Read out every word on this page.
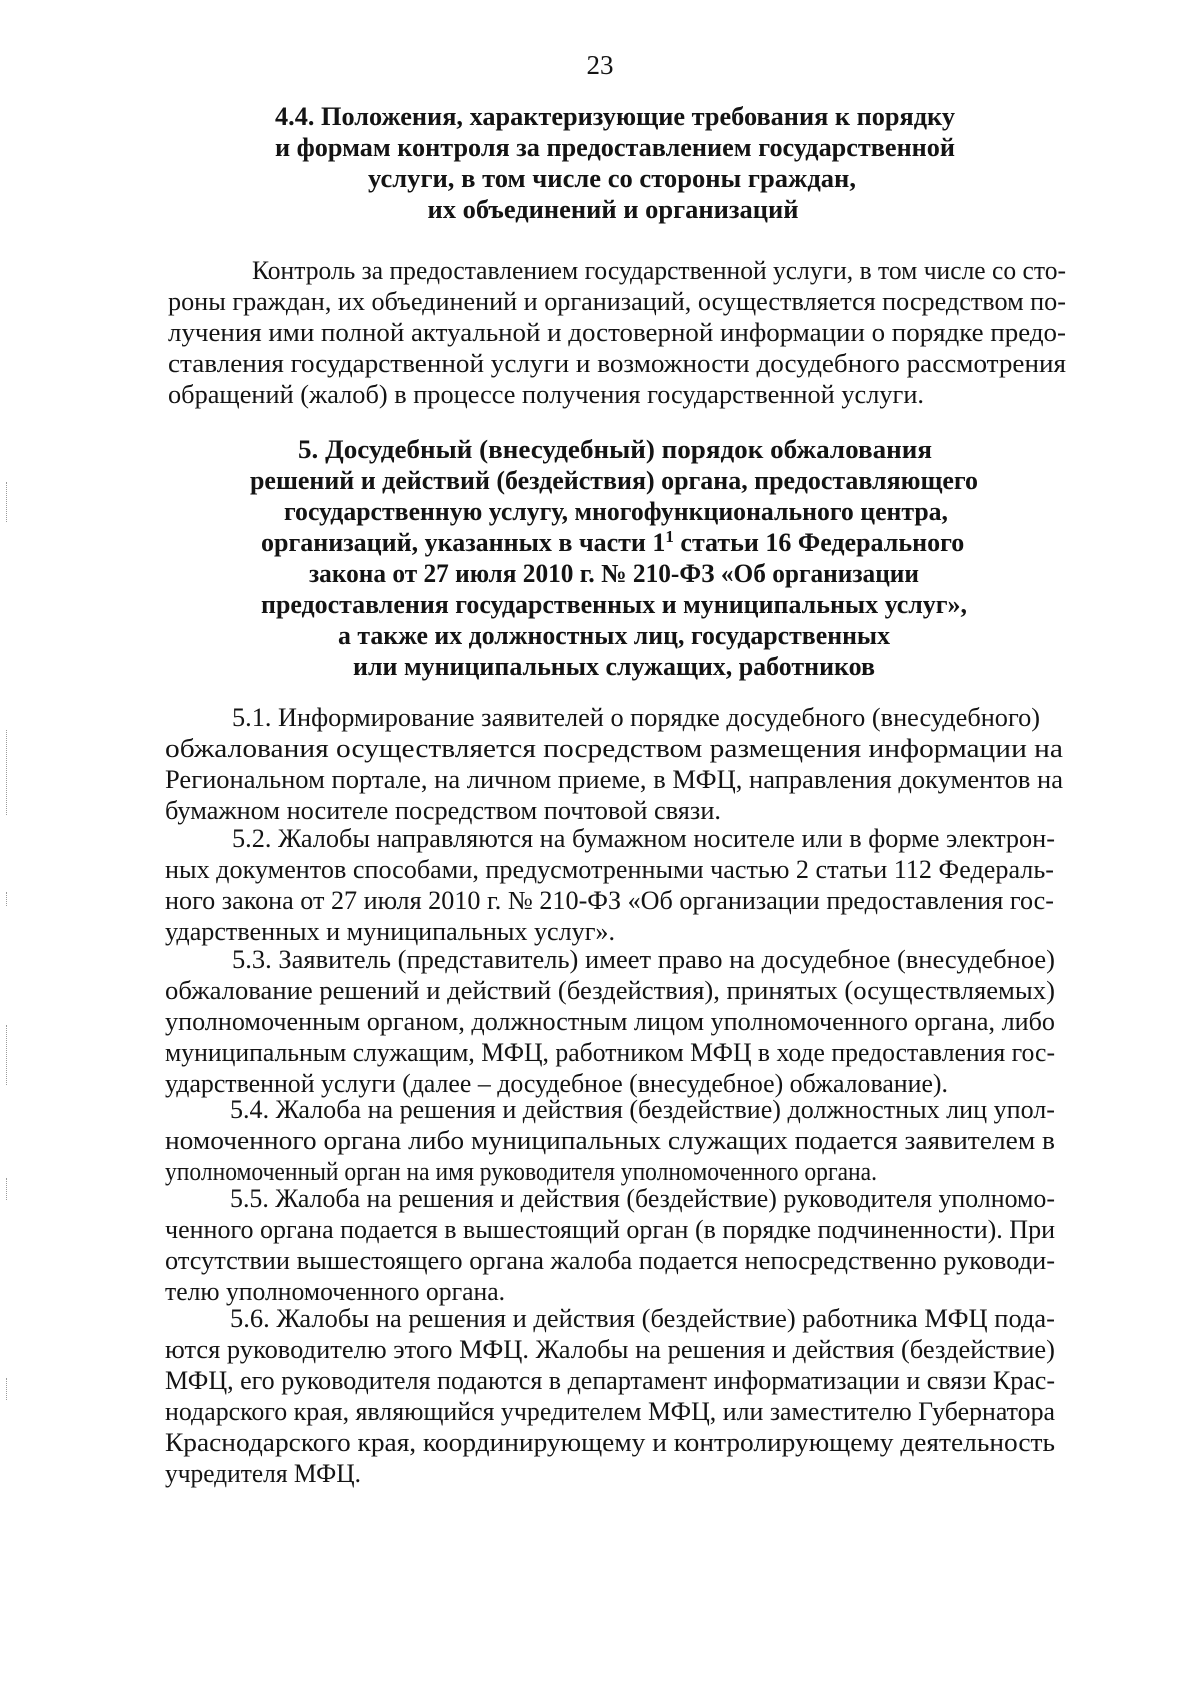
23
4.4. Положения, характеризующие требования к порядку
и формам контроля за предоставлением государственной
услуги, в том числе со стороны граждан,
их объединений и организаций
Контроль за предоставлением государственной услуги, в том числе со сто-
роны граждан, их объединений и организаций, осуществляется посредством по-
лучения ими полной актуальной и достоверной информации о порядке предо-
ставления государственной услуги и возможности досудебного рассмотрения
обращений (жалоб) в процессе получения государственной услуги.
5. Досудебный (внесудебный) порядок обжалования
решений и действий (бездействия) органа, предоставляющего
государственную услугу, многофункционального центра,
организаций, указанных в части $1^1$ статьи 16 Федерального
закона от 27 июля 2010 г. № 210-ФЗ «Об организации
предоставления государственных и муниципальных услуг»,
а также их должностных лиц, государственных
или муниципальных служащих, работников
5.1. Информирование заявителей о порядке досудебного (внесудебного)
обжалования осуществляется посредством размещения информации на
Региональном портале, на личном приеме, в МФЦ, направления документов на
бумажном носителе посредством почтовой связи.
5.2. Жалобы направляются на бумажном носителе или в форме электрон-
ных документов способами, предусмотренными частью 2 статьи 112 Федераль-
ного закона от 27 июля 2010 г. № 210-ФЗ «Об организации предоставления гос-
ударственных и муниципальных услуг».
5.3. Заявитель (представитель) имеет право на досудебное (внесудебное)
обжалование решений и действий (бездействия), принятых (осуществляемых)
уполномоченным органом, должностным лицом уполномоченного органа, либо
муниципальным служащим, МФЦ, работником МФЦ в ходе предоставления гос-
ударственной услуги (далее – досудебное (внесудебное) обжалование).
5.4. Жалоба на решения и действия (бездействие) должностных лиц упол-
номоченного органа либо муниципальных служащих подается заявителем в
уполномоченный орган на имя руководителя уполномоченного органа.
5.5. Жалоба на решения и действия (бездействие) руководителя уполномо-
ченного органа подается в вышестоящий орган (в порядке подчиненности). При
отсутствии вышестоящего органа жалоба подается непосредственно руководи-
телю уполномоченного органа.
5.6. Жалобы на решения и действия (бездействие) работника МФЦ пода-
ются руководителю этого МФЦ. Жалобы на решения и действия (бездействие)
МФЦ, его руководителя подаются в департамент информатизации и связи Крас-
нодарского края, являющийся учредителем МФЦ, или заместителю Губернатора
Краснодарского края, координирующему и контролирующему деятельность
учредителя МФЦ.
